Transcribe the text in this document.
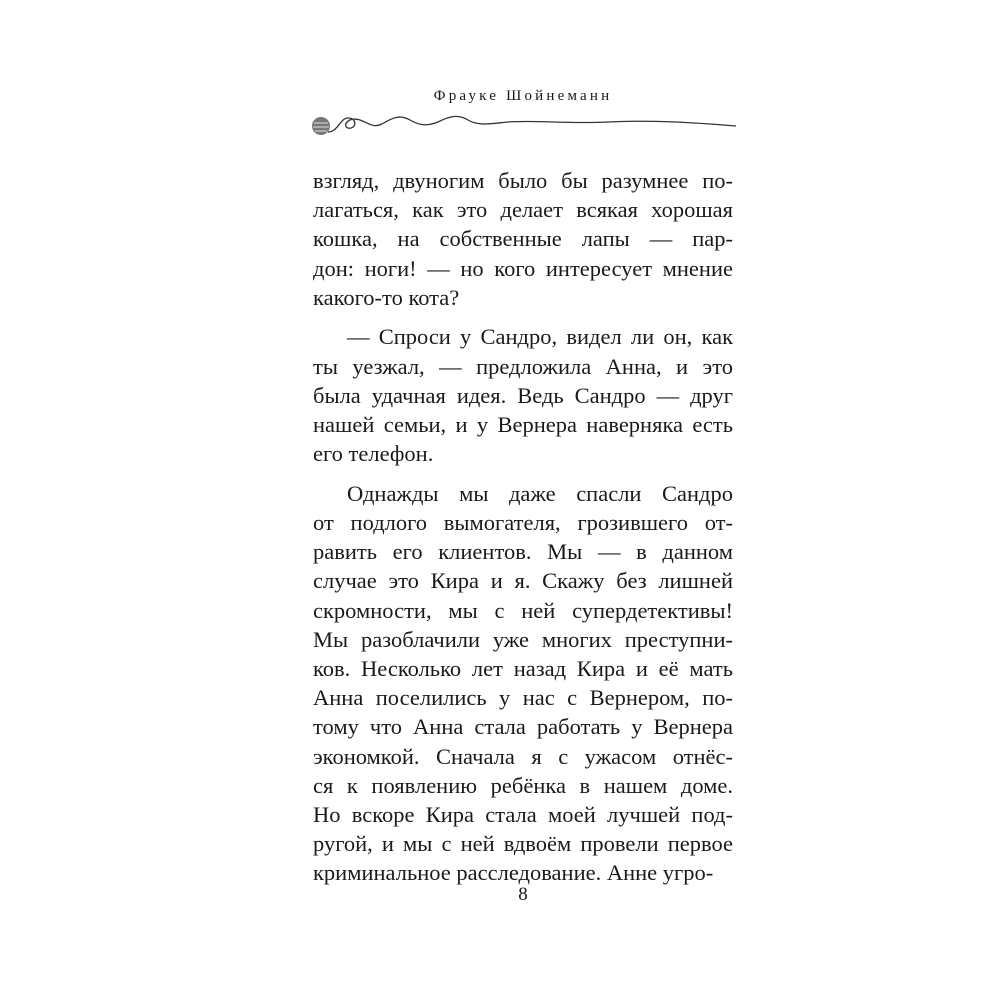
Фрауке Шойнеманн
взгляд, двуногим было бы разумнее по-
лагаться, как это делает всякая хорошая
кошка, на собственные лапы — пар-
дон: ноги! — но кого интересует мнение
какого-то кота?
— Спроси у Сандро, видел ли он, как
ты уезжал, — предложила Анна, и это
была удачная идея. Ведь Сандро — друг
нашей семьи, и у Вернера наверняка есть
его телефон.
Однажды мы даже спасли Сандро
от подлого вымогателя, грозившего от-
равить его клиентов. Мы — в данном
случае это Кира и я. Скажу без лишней
скромности, мы с ней супердетективы!
Мы разоблачили уже многих преступни-
ков. Несколько лет назад Кира и её мать
Анна поселились у нас с Вернером, по-
тому что Анна стала работать у Вернера
экономкой. Сначала я с ужасом отнёс-
ся к появлению ребёнка в нашем доме.
Но вскоре Кира стала моей лучшей под-
ругой, и мы с ней вдвоём провели первое
криминальное расследование. Анне угро-
8
